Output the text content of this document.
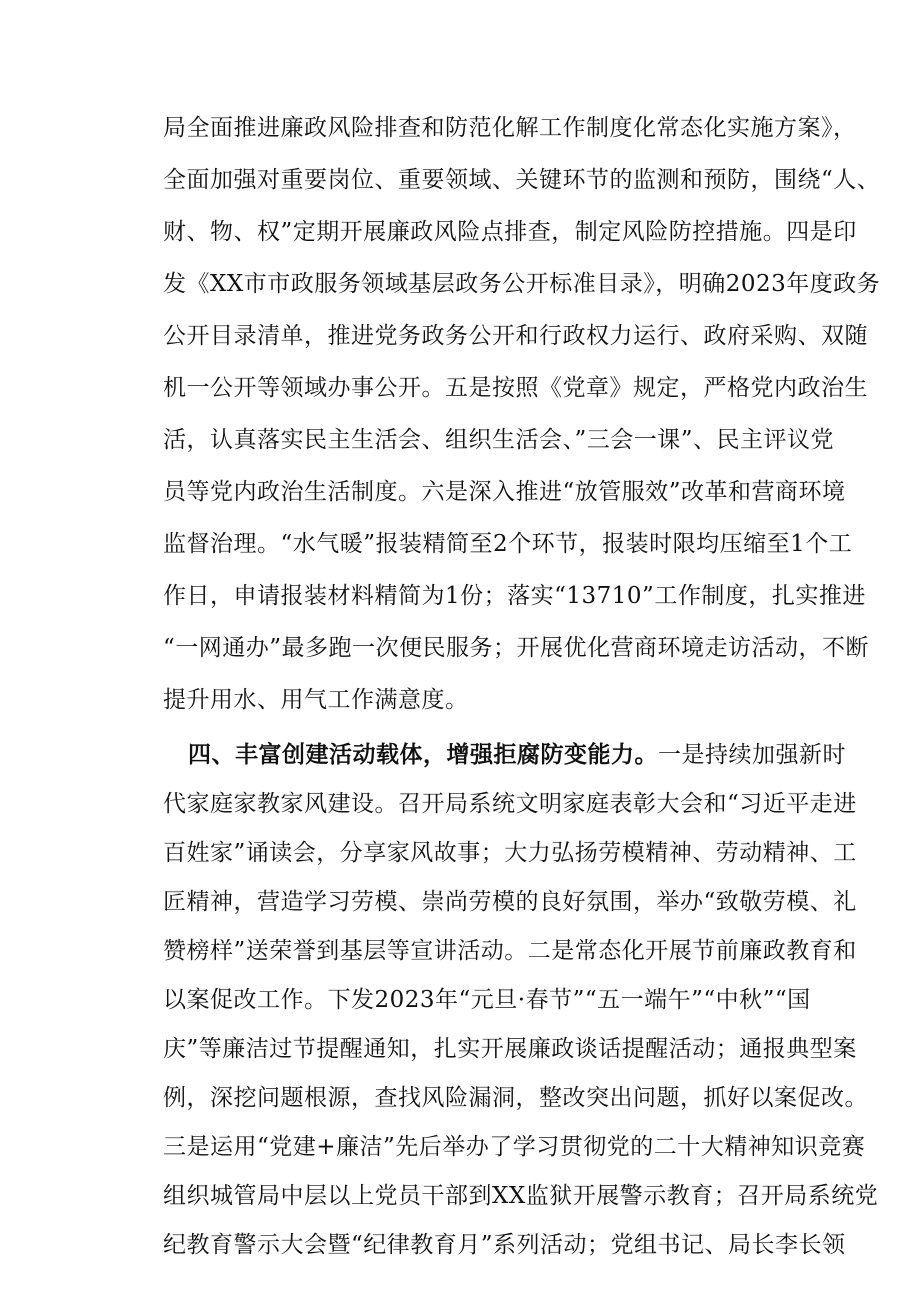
局全面推进廉政风险排查和防范化解工作制度化常态化实施方案》，
全面加强对重要岗位、重要领域、关键环节的监测和预防，围绕“人、
财、物、权”定期开展廉政风险点排查，制定风险防控措施。四是印
发《XX市市政服务领域基层政务公开标准目录》，明确2023年度政务
公开目录清单，推进党务政务公开和行政权力运行、政府采购、双随
机一公开等领域办事公开。五是按照《党章》规定，严格党内政治生
活，认真落实民主生活会、组织生活会、”三会一课”、民主评议党
员等党内政治生活制度。六是深入推进“放管服效”改革和营商环境
监督治理。“水气暖”报装精简至2个环节，报装时限均压缩至1个工
作日，申请报装材料精简为1份；落实“13710”工作制度，扎实推进
“一网通办”最多跑一次便民服务；开展优化营商环境走访活动，不断
提升用水、用气工作满意度。
四、丰富创建活动载体，增强拒腐防变能力。一是持续加强新时
代家庭家教家风建设。召开局系统文明家庭表彰大会和“习近平走进
百姓家”诵读会，分享家风故事；大力弘扬劳模精神、劳动精神、工
匠精神，营造学习劳模、崇尚劳模的良好氛围，举办“致敬劳模、礼
赞榜样”送荣誉到基层等宣讲活动。二是常态化开展节前廉政教育和
以案促改工作。下发2023年“元旦·春节”“五一端午”“中秋”“国
庆”等廉洁过节提醒通知，扎实开展廉政谈话提醒活动；通报典型案
例，深挖问题根源，查找风险漏洞，整改突出问题，抓好以案促改。
三是运用“党建+廉洁”先后举办了学习贯彻党的二十大精神知识竞赛
组织城管局中层以上党员干部到XX监狱开展警示教育；召开局系统党
纪教育警示大会暨“纪律教育月”系列活动；党组书记、局长李长领
